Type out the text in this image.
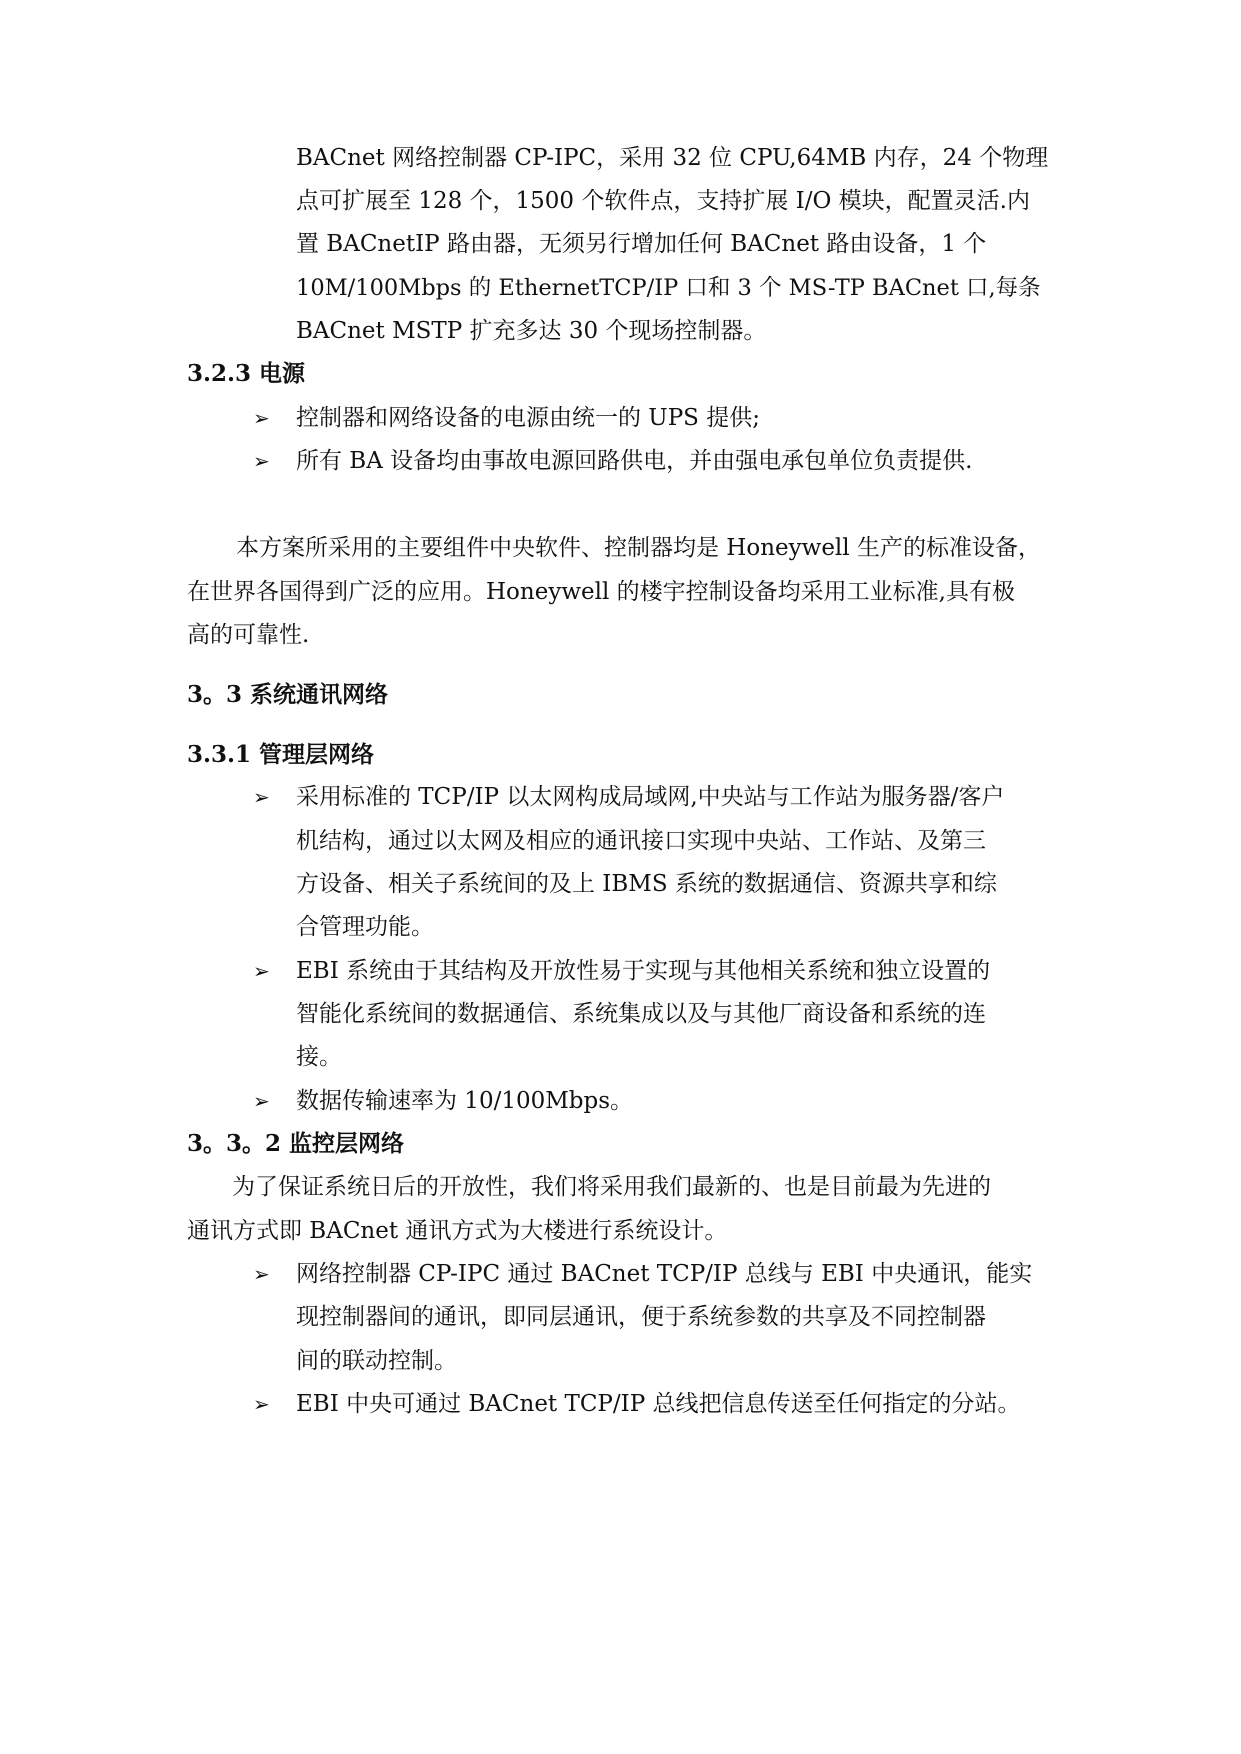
BACnet 网络控制器 CP-IPC，采用 32 位 CPU,64MB 内存，24 个物理
点可扩展至 128 个，1500 个软件点，支持扩展 I/O 模块，配置灵活.内
置 BACnetIP 路由器，无须另行增加任何 BACnet 路由设备，1 个
10M/100Mbps 的 EthernetTCP/IP 口和 3 个 MS-TP BACnet 口,每条
BACnet MSTP 扩充多达 30 个现场控制器。
3.2.3 电源
➢ 控制器和网络设备的电源由统一的 UPS 提供;
➢ 所有 BA 设备均由事故电源回路供电，并由强电承包单位负责提供.
本方案所采用的主要组件中央软件、控制器均是 Honeywell 生产的标准设备，
在世界各国得到广泛的应用。Honeywell 的楼宇控制设备均采用工业标准,具有极
高的可靠性.
3。3 系统通讯网络
3.3.1 管理层网络
➢ 采用标准的 TCP/IP 以太网构成局域网,中央站与工作站为服务器/客户
机结构，通过以太网及相应的通讯接口实现中央站、工作站、及第三
方设备、相关子系统间的及上 IBMS 系统的数据通信、资源共享和综
合管理功能。
➢ EBI 系统由于其结构及开放性易于实现与其他相关系统和独立设置的
智能化系统间的数据通信、系统集成以及与其他厂商设备和系统的连
接。
➢ 数据传输速率为 10/100Mbps。
3。3。2 监控层网络
为了保证系统日后的开放性，我们将采用我们最新的、也是目前最为先进的
通讯方式即 BACnet 通讯方式为大楼进行系统设计。
➢ 网络控制器 CP-IPC 通过 BACnet TCP/IP 总线与 EBI 中央通讯，能实
现控制器间的通讯，即同层通讯，便于系统参数的共享及不同控制器
间的联动控制。
➢ EBI 中央可通过 BACnet TCP/IP 总线把信息传送至任何指定的分站。
